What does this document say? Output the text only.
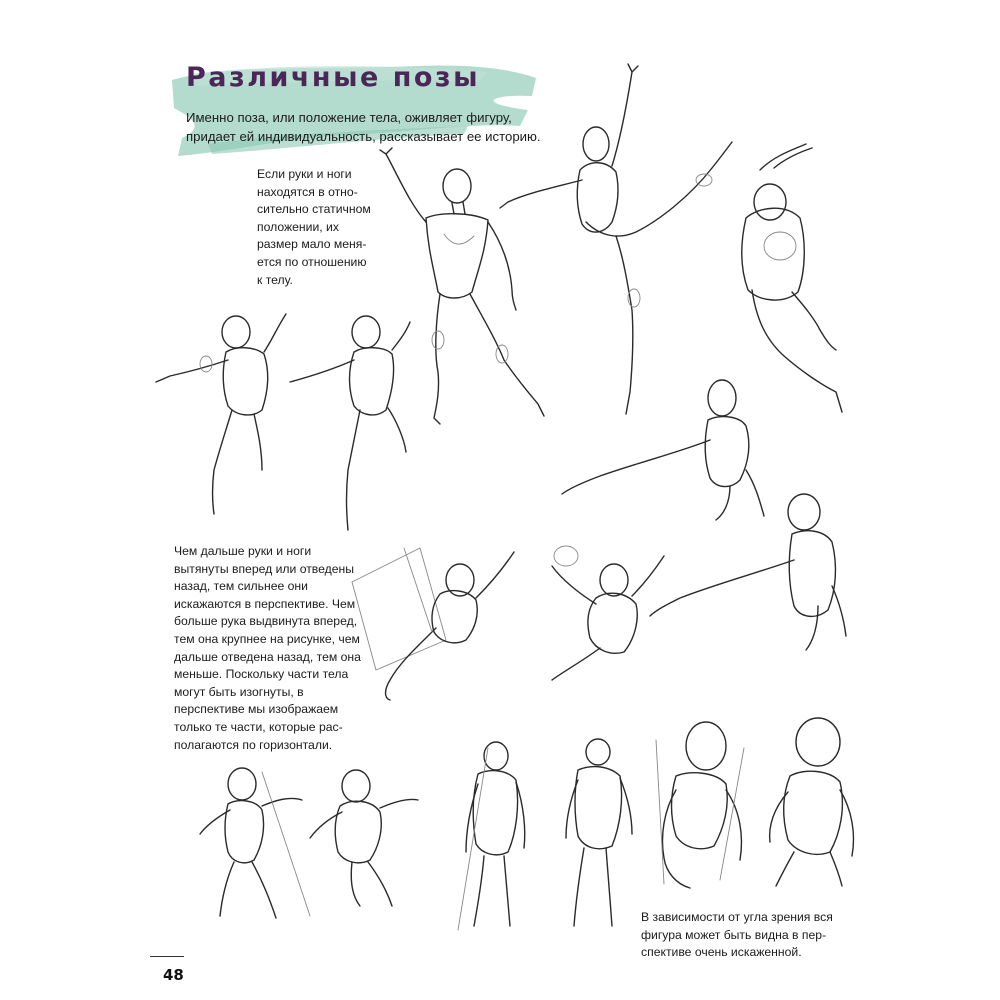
Различные позы

Именно поза, или положение тела, оживляет фигуру, придает ей индивидуальность, рассказывает ее историю.

Если руки и ноги находятся в относительно статичном положении, их размер мало меняется по отношению к телу.

Чем дальше руки и ноги вытянуты вперед или отведены назад, тем сильнее они искажаются в перспективе. Чем больше рука выдвинута вперед, тем она крупнее на рисунке, чем дальше отведена назад, тем она меньше. Поскольку части тела могут быть изогнуты, в перспективе мы изображаем только те части, которые располагаются по горизонтали.

В зависимости от угла зрения вся фигура может быть видна в перспективе очень искаженной.

48
